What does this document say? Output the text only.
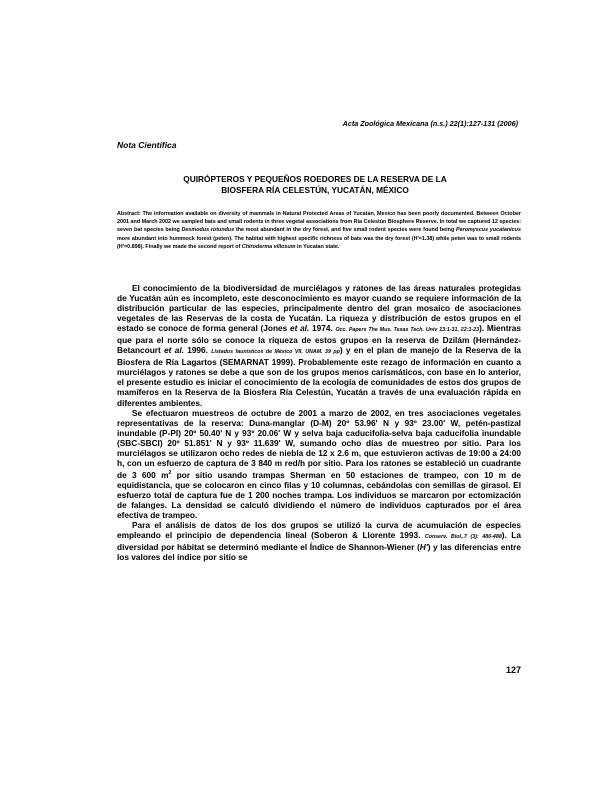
Acta Zoológica Mexicana (n.s.) 22(1):127-131 (2006)
Nota Científica
QUIRÓPTEROS Y PEQUEÑOS ROEDORES DE LA RESERVA DE LA
BIOSFERA RÍA CELESTÚN, YUCATÁN, MÉXICO
Abstract: The information available on diversity of mammals in Natural Protected Areas of Yucatan, Mexico has been poorly documented. Between October 2001 and March 2002 we sampled bats and small rodents in three vegetal associations from Ría Celestún Biosphere Reserve. In total we captured 12 species: seven bat species being Desmodus rotundus the most abundant in the dry forest, and five small rodent species were found being Peromyscus yucatanicus more abundant into hummock forest (peten). The habitat with highest specific richness of bats was the dry forest (H'=1.38) while peten was to small rodents (H'=0.898). Finally we made the second report of Chiroderma villosum in Yucatan state.

El conocimiento de la biodiversidad de murciélagos y ratones de las áreas naturales protegidas de Yucatán aún es incompleto, este desconocimiento es mayor cuando se requiere información de la distribución particular de las especies, principalmente dentro del gran mosaico de asociaciones vegetales de las Reservas de la costa de Yucatán. La riqueza y distribución de estos grupos en el estado se conoce de forma general (Jones et al. 1974. Occ. Papers The Mus. Texas Tech. Univ 13:1-31, 22:1-23). Mientras que para el norte sólo se conoce la riqueza de estos grupos en la reserva de Dzilám (Hernández-Betancourt et al. 1996. Listados faunísticos de México VII. UNAM. 39 pp) y en el plan de manejo de la Reserva de la Biosfera de Ría Lagartos (SEMARNAT 1999). Probablemente este rezago de información en cuanto a murciélagos y ratones se debe a que son de los grupos menos carismáticos, con base en lo anterior, el presente estudio es iniciar el conocimiento de la ecología de comunidades de estos dos grupos de mamíferos en la Reserva de la Biosfera Ría Celestún, Yucatán a través de una evaluación rápida en diferentes ambientes.

Se efectuaron muestreos de octubre de 2001 a marzo de 2002, en tres asociaciones vegetales representativas de la reserva: Duna-manglar (D-M) 20º 53.96' N y 93º 23.00' W, petén-pastizal inundable (P-PI) 20º 50.40' N y 93º 20.06' W y selva baja caducifolia-selva baja caducifolia inundable (SBC-SBCI) 20º 51.851' N y 93º 11.639' W, sumando ocho días de muestreo por sitio. Para los murciélagos se utilizaron ocho redes de niebla de 12 x 2.6 m, que estuvieron activas de 19:00 a 24:00 h, con un esfuerzo de captura de 3 840 m red/h por sitio. Para los ratones se estableció un cuadrante de 3 600 $m^2$ por sitio usando trampas Sherman en 50 estaciones de trampeo, con 10 m de equidistancia, que se colocaron en cinco filas y 10 columnas, cebándolas con semillas de girasol. El esfuerzo total de captura fue de 1 200 noches trampa. Los individuos se marcaron por ectomización de falanges. La densidad se calculó dividiendo el número de individuos capturados por el área efectiva de trampeo.

Para el análisis de datos de los dos grupos se utilizó la curva de acumulación de especies empleando el principio de dependencia lineal (Soberon & Llorente 1993. Conserv. Biol.,7 (3): 480-488). La diversidad por hábitat se determinó mediante el Índice de Shannon-Wiener (H') y las diferencias entre los valores del índice por sitio se

127
